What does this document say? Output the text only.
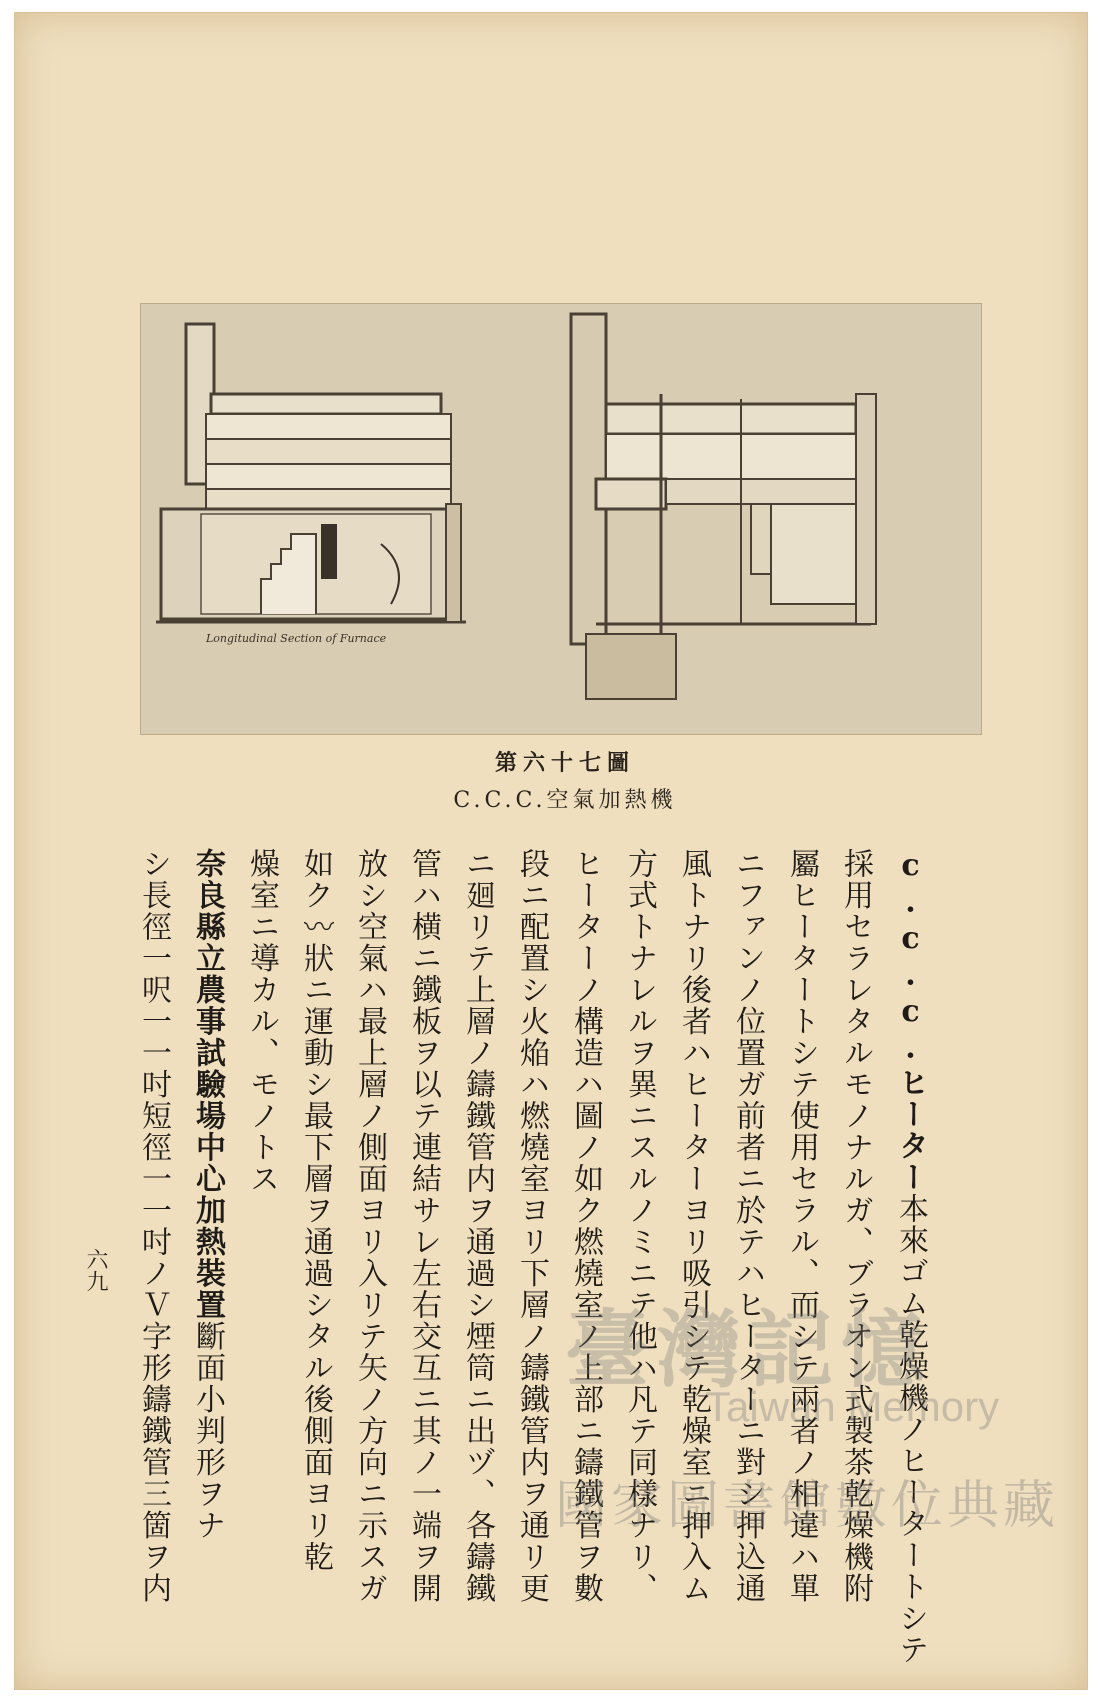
Longitudinal Section of Furnace
第六十七圖
C.C.C.空氣加熱機
c.c.c.ヒーター本來ゴム乾燥機ノヒータートシテ
採用セラレタルモノナルガ、ブラオン式製茶乾燥機附
屬ヒータートシテ使用セラル、而シテ兩者ノ相違ハ單
ニファンノ位置ガ前者ニ於テハヒーターニ對シ押込通
風トナリ後者ハヒーターヨリ吸引シテ乾燥室ニ押入ム
方式トナレルヲ異ニスルノミニテ他ハ凡テ同樣ナリ、
ヒーターノ構造ハ圖ノ如ク燃燒室ノ上部ニ鑄鐵管ヲ數
段ニ配置シ火焔ハ燃燒室ヨリ下層ノ鑄鐵管内ヲ通リ更
ニ廻リテ上層ノ鑄鐵管内ヲ通過シ煙筒ニ出ヅ、各鑄鐵
管ハ横ニ鐵板ヲ以テ連結サレ左右交互ニ其ノ一端ヲ開
放シ空氣ハ最上層ノ側面ヨリ入リテ矢ノ方向ニ示スガ
如ク〰狀ニ運動シ最下層ヲ通過シタル後側面ヨリ乾
燥室ニ導カル、モノトス
奈良縣立農事試驗場中心加熱裝置斷面小判形ヲナ
シ長徑一呎一一吋短徑一一吋ノＶ字形鑄鐵管三箇ヲ内
六九
臺灣記憶
Taiwan Memory
國家圖書館數位典藏
